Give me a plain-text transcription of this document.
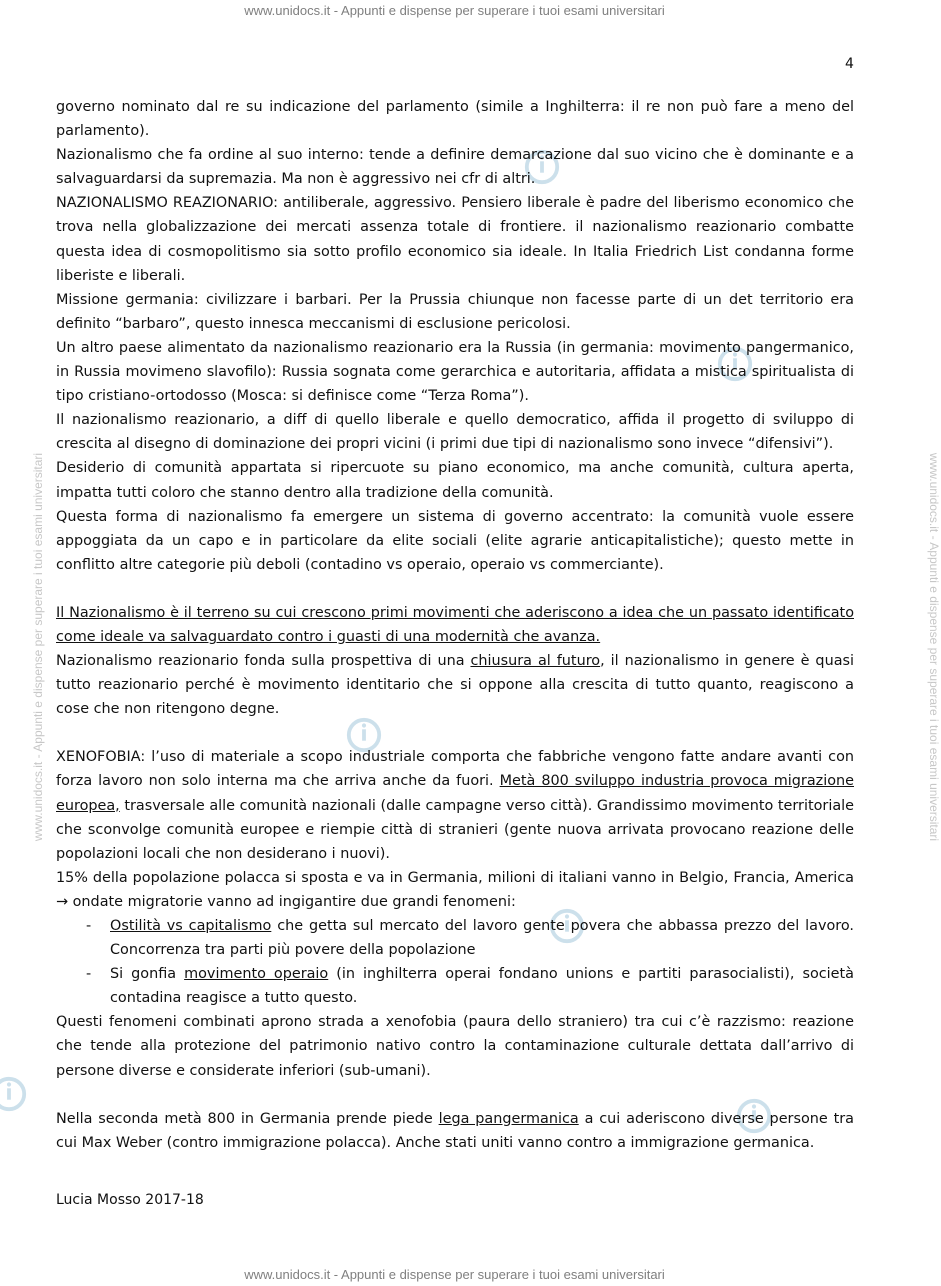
www.unidocs.it - Appunti e dispense per superare i tuoi esami universitari
www.unidocs.it - Appunti e dispense per superare i tuoi esami universitari	www.unidocs.it - Appunti e dispense per superare i tuoi esami universitari
4

governo nominato dal re su indicazione del parlamento (simile a Inghilterra: il re non può fare a meno del parlamento).

Nazionalismo che fa ordine al suo interno: tende a definire demarcazione dal suo vicino che è dominante e a salvaguardarsi da supremazia. Ma non è aggressivo nei cfr di altri.

NAZIONALISMO REAZIONARIO: antiliberale, aggressivo. Pensiero liberale è padre del liberismo economico che trova nella globalizzazione dei mercati assenza totale di frontiere. il nazionalismo reazionario combatte questa idea di cosmopolitismo sia sotto profilo economico sia ideale. In Italia Friedrich List condanna forme liberiste e liberali.

Missione germania: civilizzare i barbari. Per la Prussia chiunque non facesse parte di un det territorio era definito “barbaro”, questo innesca meccanismi di esclusione pericolosi.

Un altro paese alimentato da nazionalismo reazionario era la Russia (in germania: movimento pangermanico, in Russia movimeno slavofilo): Russia sognata come gerarchica e autoritaria, affidata a mistica spiritualista di tipo cristiano-ortodosso (Mosca: si definisce come “Terza Roma”).

Il nazionalismo reazionario, a diff di quello liberale e quello democratico, affida il progetto di sviluppo di crescita al disegno di dominazione dei propri vicini (i primi due tipi di nazionalismo sono invece “difensivi”).

Desiderio di comunità appartata si ripercuote su piano economico, ma anche comunità, cultura aperta, impatta tutti coloro che stanno dentro alla tradizione della comunità.

Questa forma di nazionalismo fa emergere un sistema di governo accentrato: la comunità vuole essere appoggiata da un capo e in particolare da elite sociali (elite agrarie anticapitalistiche); questo mette in conflitto altre categorie più deboli (contadino vs operaio, operaio vs commerciante).

Il Nazionalismo è il terreno su cui crescono primi movimenti che aderiscono a idea che un passato identificato come ideale va salvaguardato contro i guasti di una modernità che avanza.

Nazionalismo reazionario fonda sulla prospettiva di una chiusura al futuro, il nazionalismo in genere è quasi tutto reazionario perché è movimento identitario che si oppone alla crescita di tutto quanto, reagiscono a cose che non ritengono degne.

XENOFOBIA: l’uso di materiale a scopo industriale comporta che fabbriche vengono fatte andare avanti con forza lavoro non solo interna ma che arriva anche da fuori. Metà 800 sviluppo industria provoca migrazione europea, trasversale alle comunità nazionali (dalle campagne verso città). Grandissimo movimento territoriale che sconvolge comunità europee e riempie città di stranieri (gente nuova arrivata provocano reazione delle popolazioni locali che non desiderano i nuovi).

15% della popolazione polacca si sposta e va in Germania, milioni di italiani vanno in Belgio, Francia, America → ondate migratorie vanno ad ingigantire due grandi fenomeni:

- Ostilità vs capitalismo che getta sul mercato del lavoro gente povera che abbassa prezzo del lavoro. Concorrenza tra parti più povere della popolazione

- Si gonfia movimento operaio (in inghilterra operai fondano unions e partiti parasocialisti), società contadina reagisce a tutto questo.

Questi fenomeni combinati aprono strada a xenofobia (paura dello straniero) tra cui c’è razzismo: reazione che tende alla protezione del patrimonio nativo contro la contaminazione culturale dettata dall’arrivo di persone diverse e considerate inferiori (sub-umani).

Nella seconda metà 800 in Germania prende piede lega pangermanica a cui aderiscono diverse persone tra cui Max Weber (contro immigrazione polacca). Anche stati uniti vanno contro a immigrazione germanica.

Lucia Mosso 2017-18
www.unidocs.it - Appunti e dispense per superare i tuoi esami universitari
